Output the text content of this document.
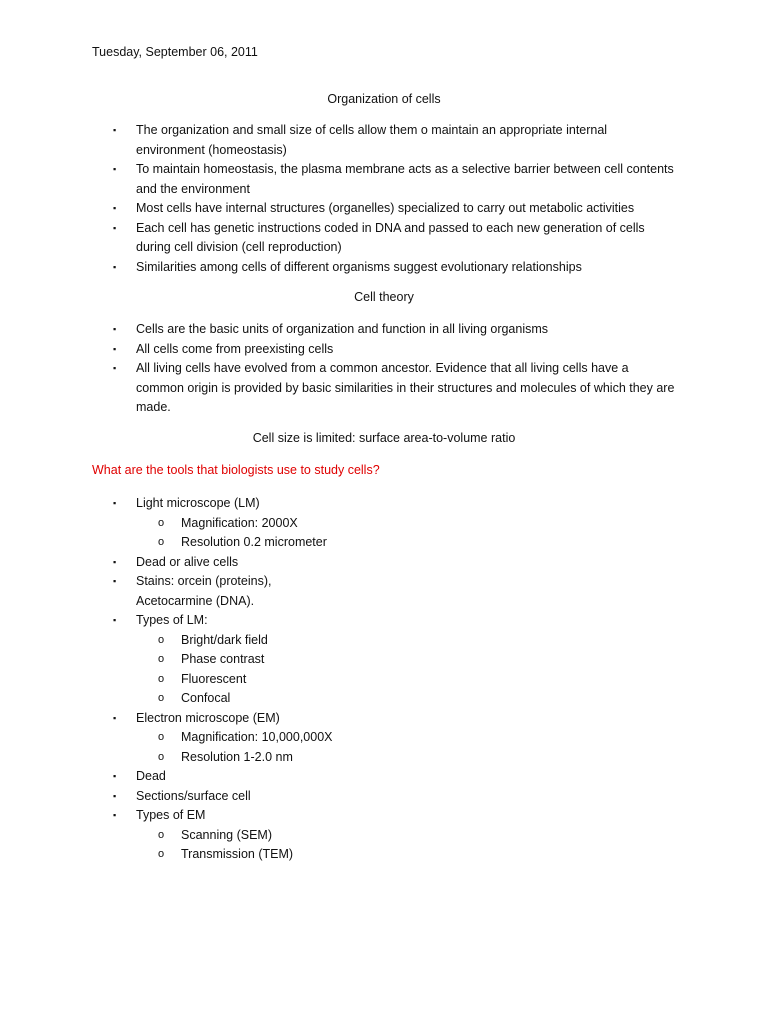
Tuesday, September 06, 2011
Organization of cells
▪ The organization and small size of cells allow them o maintain an appropriate internal environment (homeostasis)
▪ To maintain homeostasis, the plasma membrane acts as a selective barrier between cell contents and the environment
▪ Most cells have internal structures (organelles) specialized to carry out metabolic activities
▪ Each cell has genetic instructions coded in DNA and passed to each new generation of cells during cell division (cell reproduction)
▪ Similarities among cells of different organisms suggest evolutionary relationships
Cell theory
▪ Cells are the basic units of organization and function in all living organisms
▪ All cells come from preexisting cells
▪ All living cells have evolved from a common ancestor. Evidence that all living cells have a common origin is provided by basic similarities in their structures and molecules of which they are made.
Cell size is limited: surface area-to-volume ratio
What are the tools that biologists use to study cells?
▪ Light microscope (LM)
o Magnification: 2000X
o Resolution 0.2 micrometer
▪ Dead or alive cells
▪ Stains: orcein (proteins), Acetocarmine (DNA).
▪ Types of LM:
o Bright/dark field
o Phase contrast
o Fluorescent
o Confocal
▪ Electron microscope (EM)
o Magnification: 10,000,000X
o Resolution 1-2.0 nm
▪ Dead
▪ Sections/surface cell
▪ Types of EM
o Scanning (SEM)
o Transmission (TEM)
